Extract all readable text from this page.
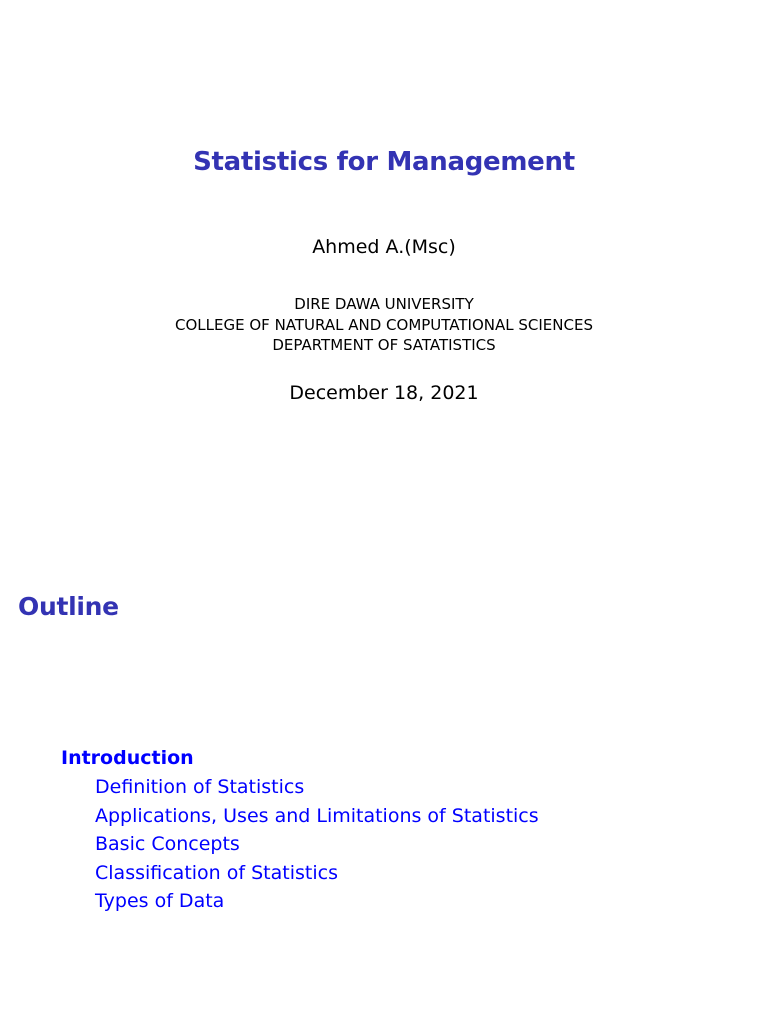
Statistics for Management
Ahmed A.(Msc)
DIRE DAWA UNIVERSITY
COLLEGE OF NATURAL AND COMPUTATIONAL SCIENCES
DEPARTMENT OF SATATISTICS
December 18, 2021
Outline
Introduction
Definition of Statistics
Applications, Uses and Limitations of Statistics
Basic Concepts
Classification of Statistics
Types of Data
